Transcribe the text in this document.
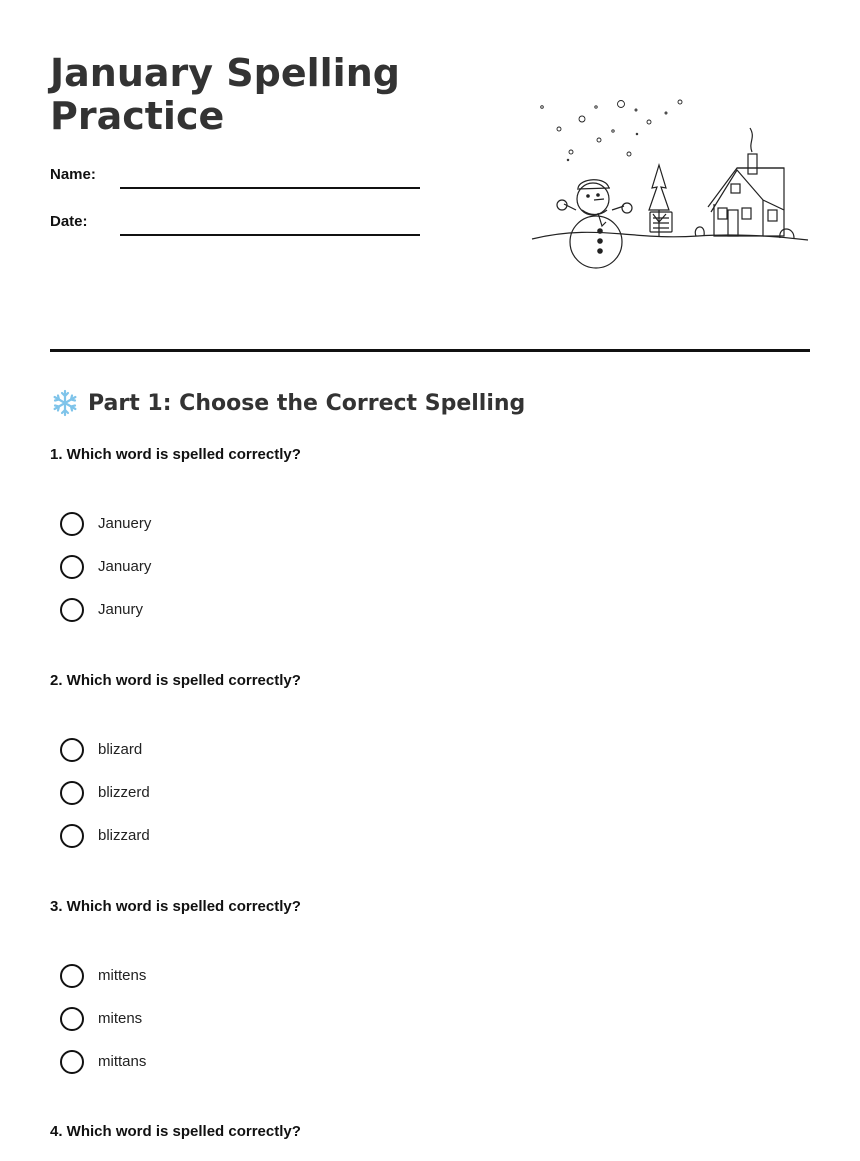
January Spelling Practice
Name:
Date:
Part 1: Choose the Correct Spelling

1. Which word is spelled correctly?

Januery
January
Janury

2. Which word is spelled correctly?

blizard
blizzerd
blizzard

3. Which word is spelled correctly?

mittens
mitens
mittans

4. Which word is spelled correctly?
